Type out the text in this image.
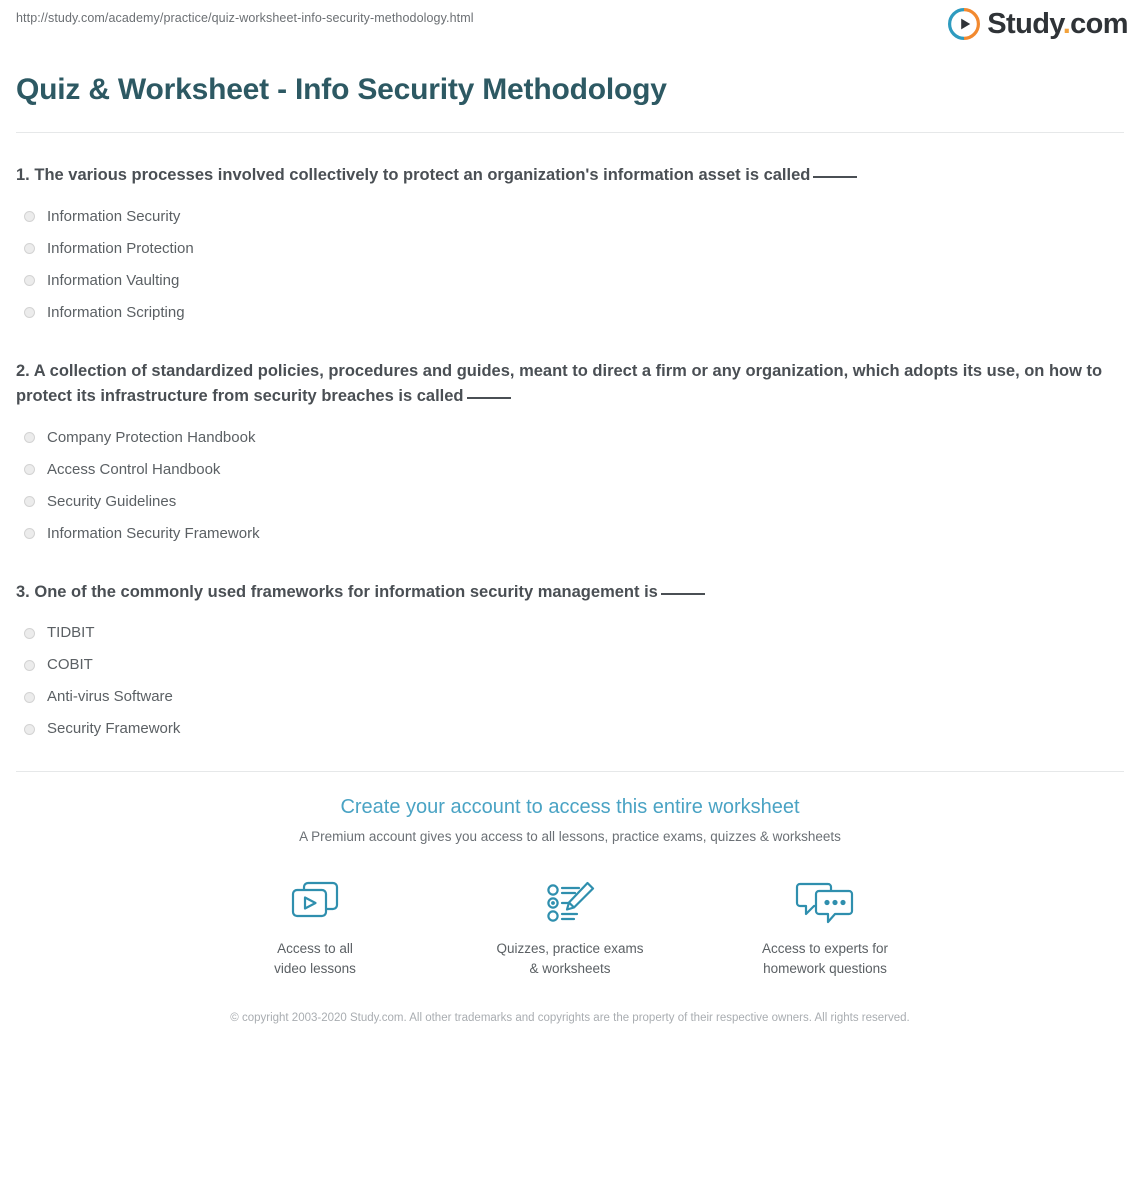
http://study.com/academy/practice/quiz-worksheet-info-security-methodology.html	Study.com
Quiz & Worksheet - Info Security Methodology

1. The various processes involved collectively to protect an organization's information asset is called

Information Security
Information Protection
Information Vaulting
Information Scripting

2. A collection of standardized policies, procedures and guides, meant to direct a firm or any organization, which adopts its use, on how to protect its infrastructure from security breaches is called

Company Protection Handbook
Access Control Handbook
Security Guidelines
Information Security Framework

3. One of the commonly used frameworks for information security management is

TIDBIT
COBIT
Anti-virus Software
Security Framework
Create your account to access this entire worksheet

A Premium account gives you access to all lessons, practice exams, quizzes & worksheets

Access to all
video lessons
Quizzes, practice exams
& worksheets
Access to experts for
homework questions
© copyright 2003-2020 Study.com. All other trademarks and copyrights are the property of their respective owners. All rights reserved.
